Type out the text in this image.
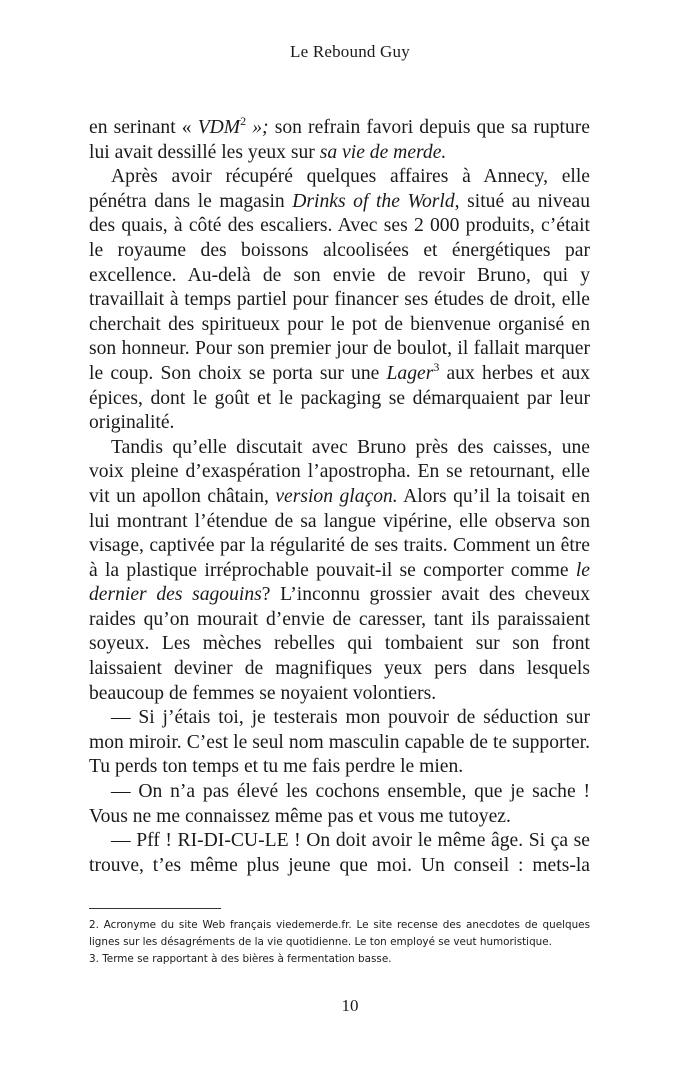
Le Rebound Guy

en serinant « VDM$^2$ »; son refrain favori depuis que sa rupture lui avait dessillé les yeux sur sa vie de merde.

Après avoir récupéré quelques affaires à Annecy, elle pénétra dans le magasin Drinks of the World, situé au niveau des quais, à côté des escaliers. Avec ses 2 000 produits, c’était le royaume des boissons alcoolisées et énergétiques par excellence. Au-delà de son envie de revoir Bruno, qui y travaillait à temps partiel pour financer ses études de droit, elle cherchait des spiritueux pour le pot de bienvenue organisé en son honneur. Pour son premier jour de boulot, il fallait marquer le coup. Son choix se porta sur une Lager$^3$ aux herbes et aux épices, dont le goût et le packaging se démarquaient par leur originalité.

Tandis qu’elle discutait avec Bruno près des caisses, une voix pleine d’exaspération l’apostropha. En se retournant, elle vit un apollon châtain, version glaçon. Alors qu’il la toisait en lui montrant l’étendue de sa langue vipérine, elle observa son visage, captivée par la régularité de ses traits. Comment un être à la plastique irréprochable pouvait-il se comporter comme le dernier des sagouins? L’inconnu grossier avait des cheveux raides qu’on mourait d’envie de caresser, tant ils paraissaient soyeux. Les mèches rebelles qui tombaient sur son front laissaient deviner de magnifiques yeux pers dans lesquels beaucoup de femmes se noyaient volontiers.

— Si j’étais toi, je testerais mon pouvoir de séduction sur mon miroir. C’est le seul nom masculin capable de te supporter. Tu perds ton temps et tu me fais perdre le mien.

— On n’a pas élevé les cochons ensemble, que je sache ! Vous ne me connaissez même pas et vous me tutoyez.

— Pff ! RI-DI-CU-LE ! On doit avoir le même âge. Si ça se trouve, t’es même plus jeune que moi. Un conseil : mets-la

2. Acronyme du site Web français viedemerde.fr. Le site recense des anecdotes de quelques lignes sur les désagréments de la vie quotidienne. Le ton employé se veut humoristique.

3. Terme se rapportant à des bières à fermentation basse.

10
